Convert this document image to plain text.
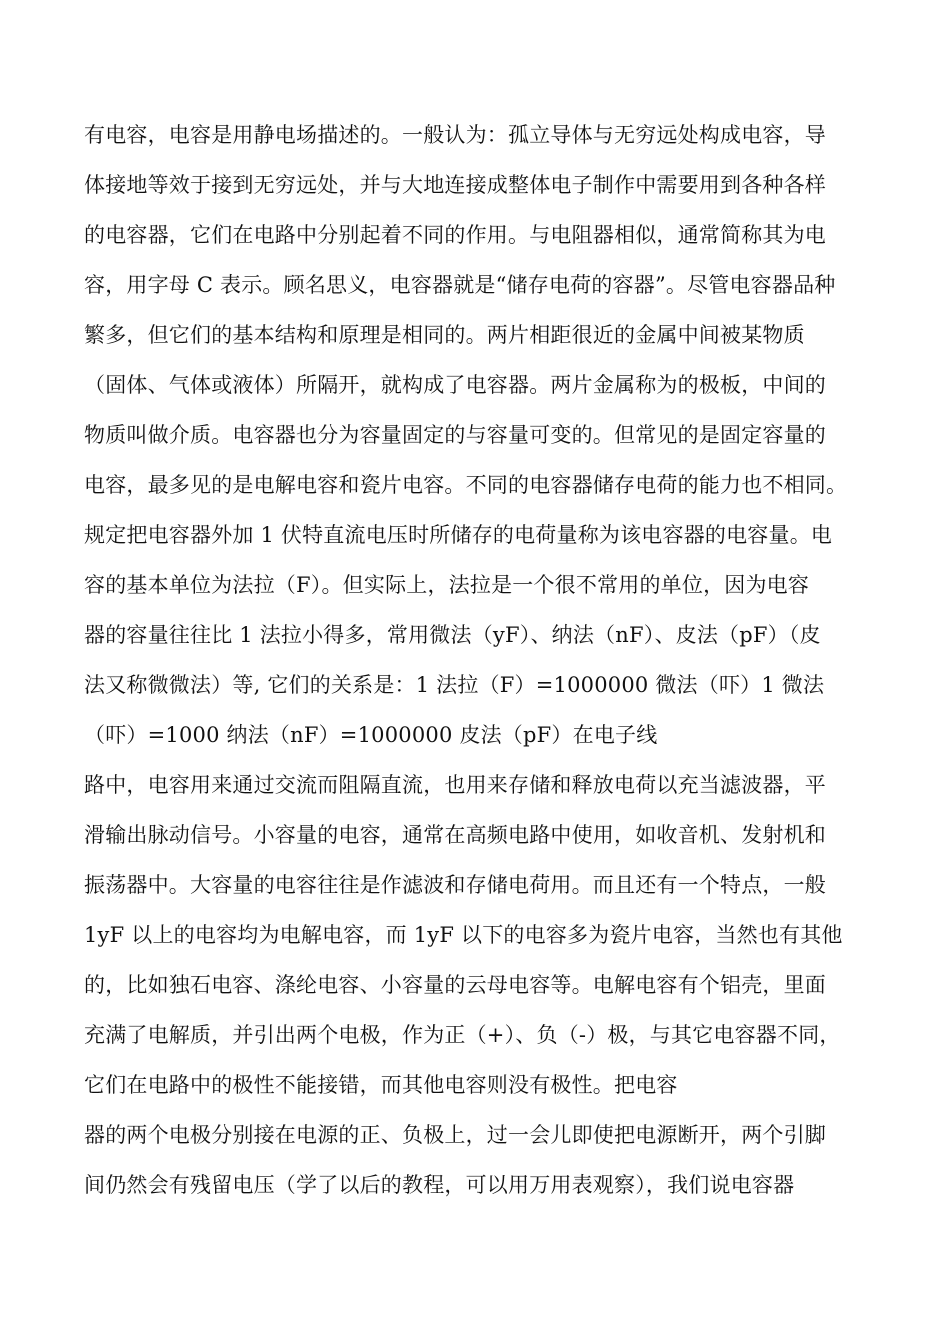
有电容，电容是用静电场描述的。一般认为：孤立导体与无穷远处构成电容，导
体接地等效于接到无穷远处，并与大地连接成整体电子制作中需要用到各种各样
的电容器，它们在电路中分别起着不同的作用。与电阻器相似，通常简称其为电
容，用字母 C 表示。顾名思义，电容器就是“储存电荷的容器”。尽管电容器品种
繁多，但它们的基本结构和原理是相同的。两片相距很近的金属中间被某物质
（固体、气体或液体）所隔开，就构成了电容器。两片金属称为的极板，中间的
物质叫做介质。电容器也分为容量固定的与容量可变的。但常见的是固定容量的
电容，最多见的是电解电容和瓷片电容。不同的电容器储存电荷的能力也不相同。
规定把电容器外加 1 伏特直流电压时所储存的电荷量称为该电容器的电容量。电
容的基本单位为法拉（F）。但实际上，法拉是一个很不常用的单位，因为电容
器的容量往往比 1 法拉小得多，常用微法（yF）、纳法（nF）、皮法（pF）（皮
法又称微微法）等, 它们的关系是：1 法拉（F）=1000000 微法（吓）1 微法
（吓）=1000 纳法（nF）=1000000 皮法（pF）在电子线
路中，电容用来通过交流而阻隔直流，也用来存储和释放电荷以充当滤波器，平
滑输出脉动信号。小容量的电容，通常在高频电路中使用，如收音机、发射机和
振荡器中。大容量的电容往往是作滤波和存储电荷用。而且还有一个特点，一般
1yF 以上的电容均为电解电容，而 1yF 以下的电容多为瓷片电容，当然也有其他
的，比如独石电容、涤纶电容、小容量的云母电容等。电解电容有个铝壳，里面
充满了电解质，并引出两个电极，作为正（+）、负（-）极，与其它电容器不同，
它们在电路中的极性不能接错，而其他电容则没有极性。把电容
器的两个电极分别接在电源的正、负极上，过一会儿即使把电源断开，两个引脚
间仍然会有残留电压（学了以后的教程，可以用万用表观察），我们说电容器
